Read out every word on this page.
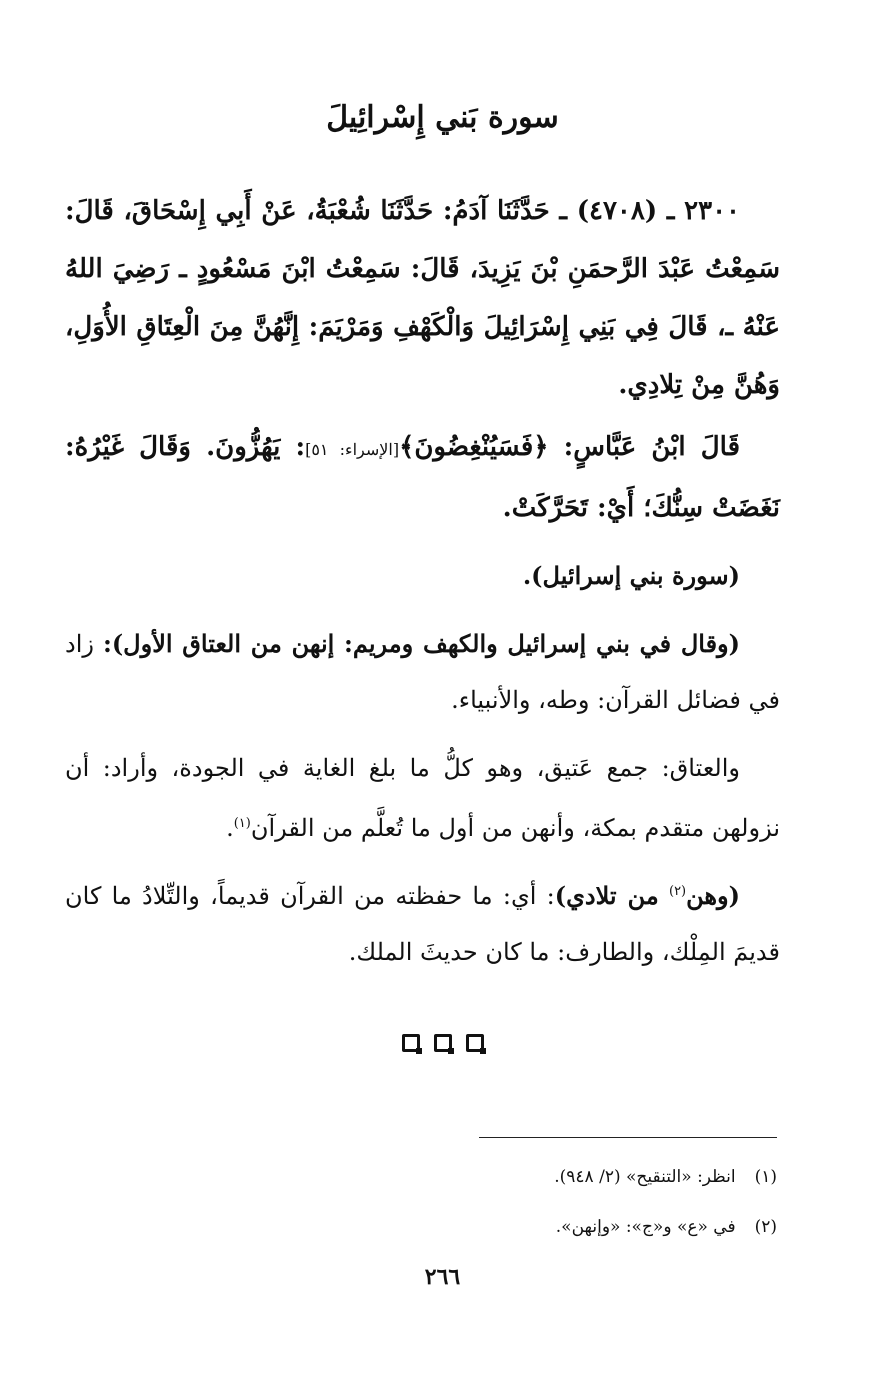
سورة بَني إِسْرائِيلَ
٢٣٠٠ ـ (٤٧٠٨) ـ حَدَّثَنَا آدَمُ: حَدَّثَنَا شُعْبَةُ، عَنْ أَبِي إِسْحَاقَ، قَالَ: سَمِعْتُ عَبْدَ الرَّحمَنِ بْنَ يَزِيدَ، قَالَ: سَمِعْتُ ابْنَ مَسْعُودٍ ـ رَضِيَ اللهُ عَنْهُ ـ، قَالَ فِي بَنِي إِسْرَائِيلَ وَالْكَهْفِ وَمَرْيَمَ: إِنَّهُنَّ مِنَ الْعِتَاقِ الأُوَلِ، وَهُنَّ مِنْ تِلادِي.
قَالَ ابْنُ عَبَّاسٍ: ﴿فَسَيُنْغِضُونَ﴾[الإسراء: ٥١]: يَهُزُّونَ. وَقَالَ غَيْرُهُ: نَغَضَتْ سِنُّكَ؛ أَيْ: تَحَرَّكَتْ.
(سورة بني إسرائيل).
(وقال في بني إسرائيل والكهف ومريم: إنهن من العتاق الأول): زاد في فضائل القرآن: وطه، والأنبياء.
والعتاق: جمع عَتيق، وهو كلُّ ما بلغ الغاية في الجودة، وأراد: أن نزولهن متقدم بمكة، وأنهن من أول ما تُعلَّم من القرآن$^{(١)}$.
(وهن$^{(٢)}$ من تلادي): أي: ما حفظته من القرآن قديماً، والتِّلادُ ما كان قديمَ المِلْك، والطارف: ما كان حديثَ الملك.
(١) انظر: «التنقيح» (٢/ ٩٤٨).
(٢) في «ع» و«ج»: «وإنهن».
٢٦٦
